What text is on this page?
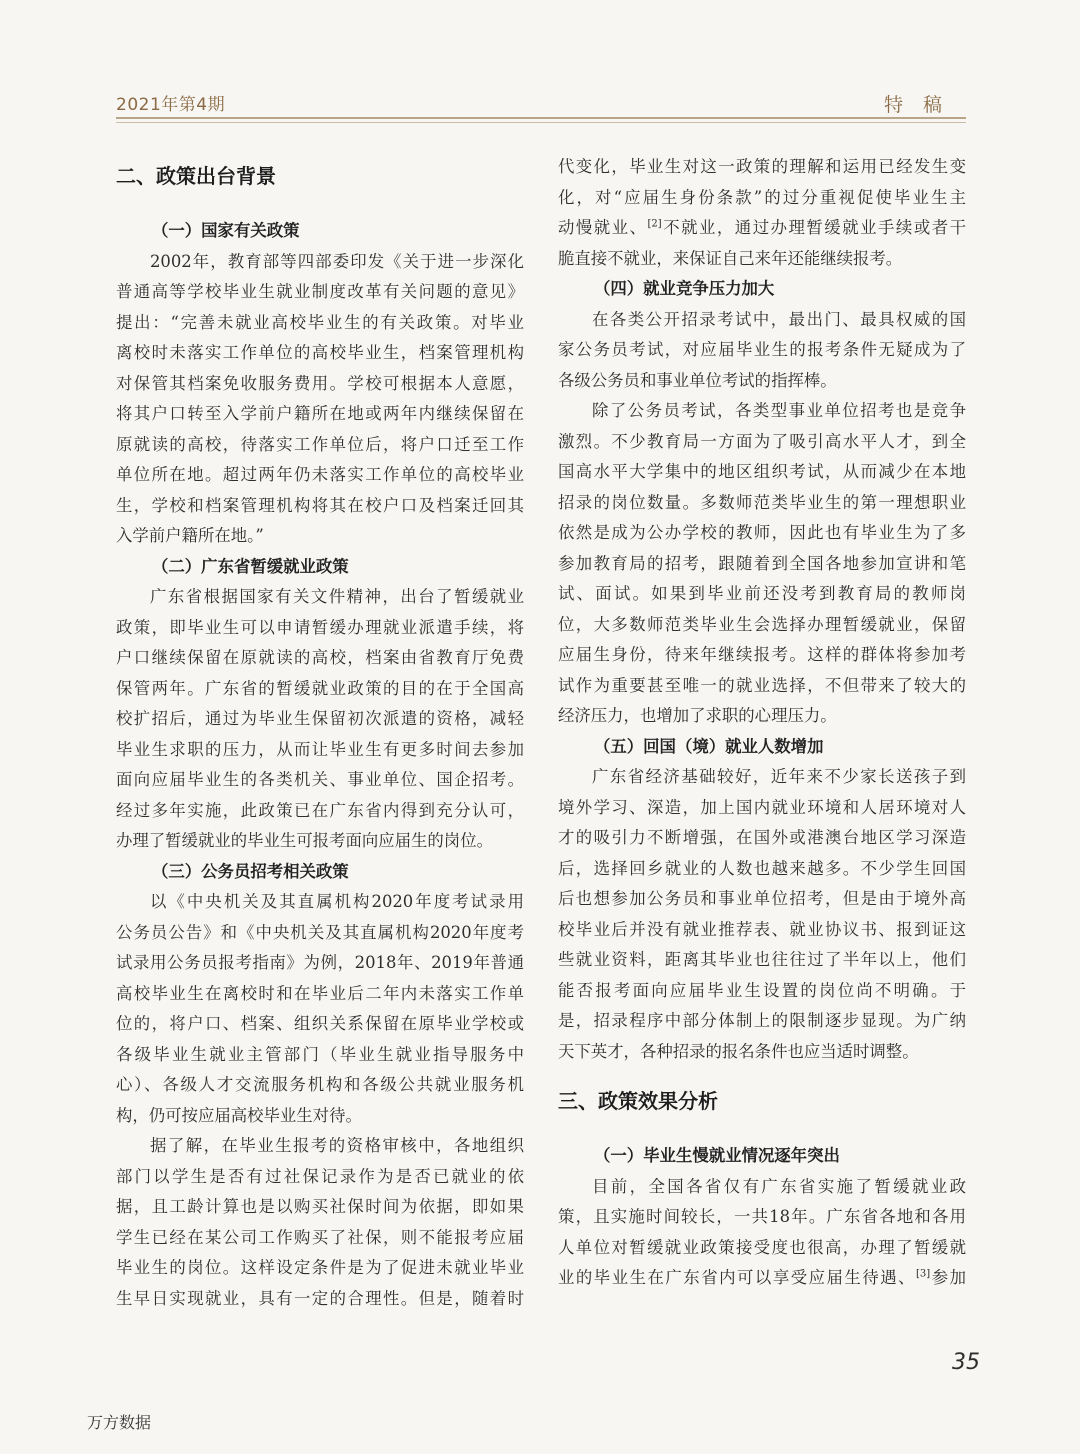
2021年第4期	特稿
二、政策出台背景
（一）国家有关政策
2002年，教育部等四部委印发《关于进一步深化
普通高等学校毕业生就业制度改革有关问题的意见》
提出：“完善未就业高校毕业生的有关政策。对毕业
离校时未落实工作单位的高校毕业生，档案管理机构
对保管其档案免收服务费用。学校可根据本人意愿，
将其户口转至入学前户籍所在地或两年内继续保留在
原就读的高校，待落实工作单位后，将户口迁至工作
单位所在地。超过两年仍未落实工作单位的高校毕业
生，学校和档案管理机构将其在校户口及档案迁回其
入学前户籍所在地。”
（二）广东省暂缓就业政策
广东省根据国家有关文件精神，出台了暂缓就业
政策，即毕业生可以申请暂缓办理就业派遣手续，将
户口继续保留在原就读的高校，档案由省教育厅免费
保管两年。广东省的暂缓就业政策的目的在于全国高
校扩招后，通过为毕业生保留初次派遣的资格，减轻
毕业生求职的压力，从而让毕业生有更多时间去参加
面向应届毕业生的各类机关、事业单位、国企招考。
经过多年实施，此政策已在广东省内得到充分认可，
办理了暂缓就业的毕业生可报考面向应届生的岗位。
（三）公务员招考相关政策
以《中央机关及其直属机构2020年度考试录用
公务员公告》和《中央机关及其直属机构2020年度考
试录用公务员报考指南》为例，2018年、2019年普通
高校毕业生在离校时和在毕业后二年内未落实工作单
位的，将户口、档案、组织关系保留在原毕业学校或
各级毕业生就业主管部门（毕业生就业指导服务中
心）、各级人才交流服务机构和各级公共就业服务机
构，仍可按应届高校毕业生对待。
据了解，在毕业生报考的资格审核中，各地组织
部门以学生是否有过社保记录作为是否已就业的依
据，且工龄计算也是以购买社保时间为依据，即如果
学生已经在某公司工作购买了社保，则不能报考应届
毕业生的岗位。这样设定条件是为了促进未就业毕业
生早日实现就业，具有一定的合理性。但是，随着时
代变化，毕业生对这一政策的理解和运用已经发生变
化，对“应届生身份条款”的过分重视促使毕业生主
动慢就业、[2]不就业，通过办理暂缓就业手续或者干
脆直接不就业，来保证自己来年还能继续报考。
（四）就业竞争压力加大
在各类公开招录考试中，最出门、最具权威的国
家公务员考试，对应届毕业生的报考条件无疑成为了
各级公务员和事业单位考试的指挥棒。
除了公务员考试，各类型事业单位招考也是竞争
激烈。不少教育局一方面为了吸引高水平人才，到全
国高水平大学集中的地区组织考试，从而减少在本地
招录的岗位数量。多数师范类毕业生的第一理想职业
依然是成为公办学校的教师，因此也有毕业生为了多
参加教育局的招考，跟随着到全国各地参加宣讲和笔
试、面试。如果到毕业前还没考到教育局的教师岗
位，大多数师范类毕业生会选择办理暂缓就业，保留
应届生身份，待来年继续报考。这样的群体将参加考
试作为重要甚至唯一的就业选择，不但带来了较大的
经济压力，也增加了求职的心理压力。
（五）回国（境）就业人数增加
广东省经济基础较好，近年来不少家长送孩子到
境外学习、深造，加上国内就业环境和人居环境对人
才的吸引力不断增强，在国外或港澳台地区学习深造
后，选择回乡就业的人数也越来越多。不少学生回国
后也想参加公务员和事业单位招考，但是由于境外高
校毕业后并没有就业推荐表、就业协议书、报到证这
些就业资料，距离其毕业也往往过了半年以上，他们
能否报考面向应届毕业生设置的岗位尚不明确。于
是，招录程序中部分体制上的限制逐步显现。为广纳
天下英才，各种招录的报名条件也应当适时调整。
三、政策效果分析
（一）毕业生慢就业情况逐年突出
目前，全国各省仅有广东省实施了暂缓就业政
策，且实施时间较长，一共18年。广东省各地和各用
人单位对暂缓就业政策接受度也很高，办理了暂缓就
业的毕业生在广东省内可以享受应届生待遇、[3]参加
35
万方数据
